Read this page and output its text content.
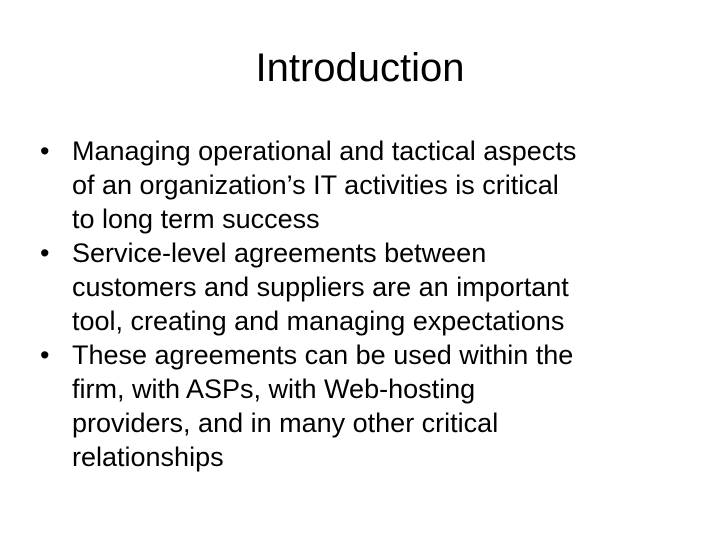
Introduction
• Managing operational and tactical aspects
of an organization’s IT activities is critical
to long term success
• Service-level agreements between
customers and suppliers are an important
tool, creating and managing expectations
• These agreements can be used within the
firm, with ASPs, with Web-hosting
providers, and in many other critical
relationships
